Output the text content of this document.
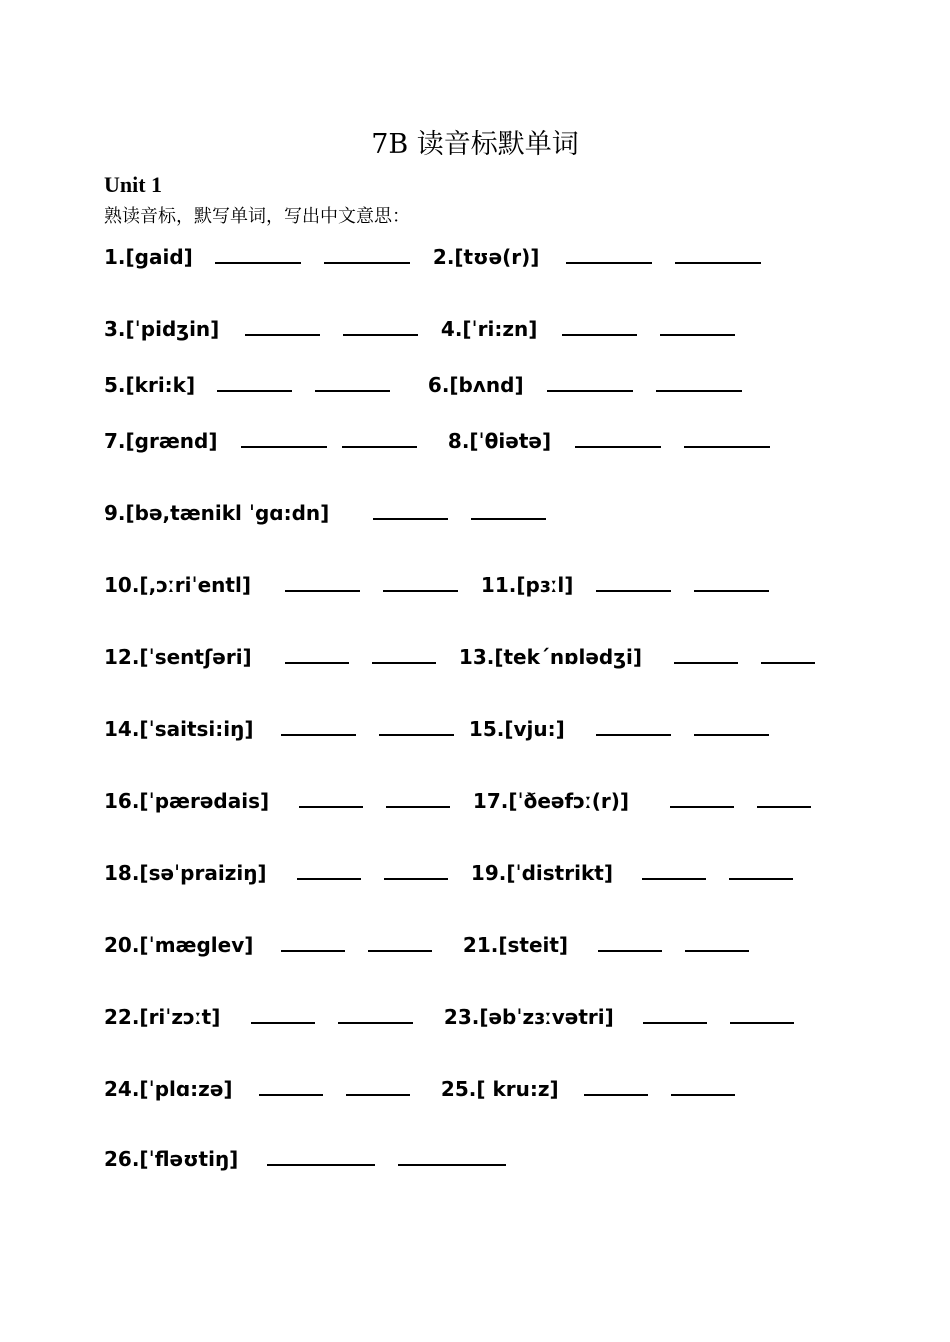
7B 读音标默单词
Unit 1
熟读音标，默写单词，写出中文意思：
1.[gaid]	2.[tʊə(r)]
3.[ˈpidʒin]	4.[ˈri:zn]
5.[kri:k]	6.[bʌnd]
7.[grænd]	8.[ˈθiətə]
9.[bə,tænikl ˈgɑ:dn]
10.[,ɔːriˈentl]	11.[pɜːl]
12.[ˈsentʃəri]	13.[tek´nɒlədʒi]
14.[ˈsaitsi:iŋ]	15.[vju:]
16.[ˈpærədais]	17.[ˈðeəfɔː(r)]
18.[səˈpraiziŋ]	19.[ˈdistrikt]
20.[ˈmæglev]	21.[steit]
22.[riˈzɔːt]	23.[əbˈzɜːvətri]
24.[ˈplɑ:zə]	25.[ kru:z]
26.[ˈfləʊtiŋ]
